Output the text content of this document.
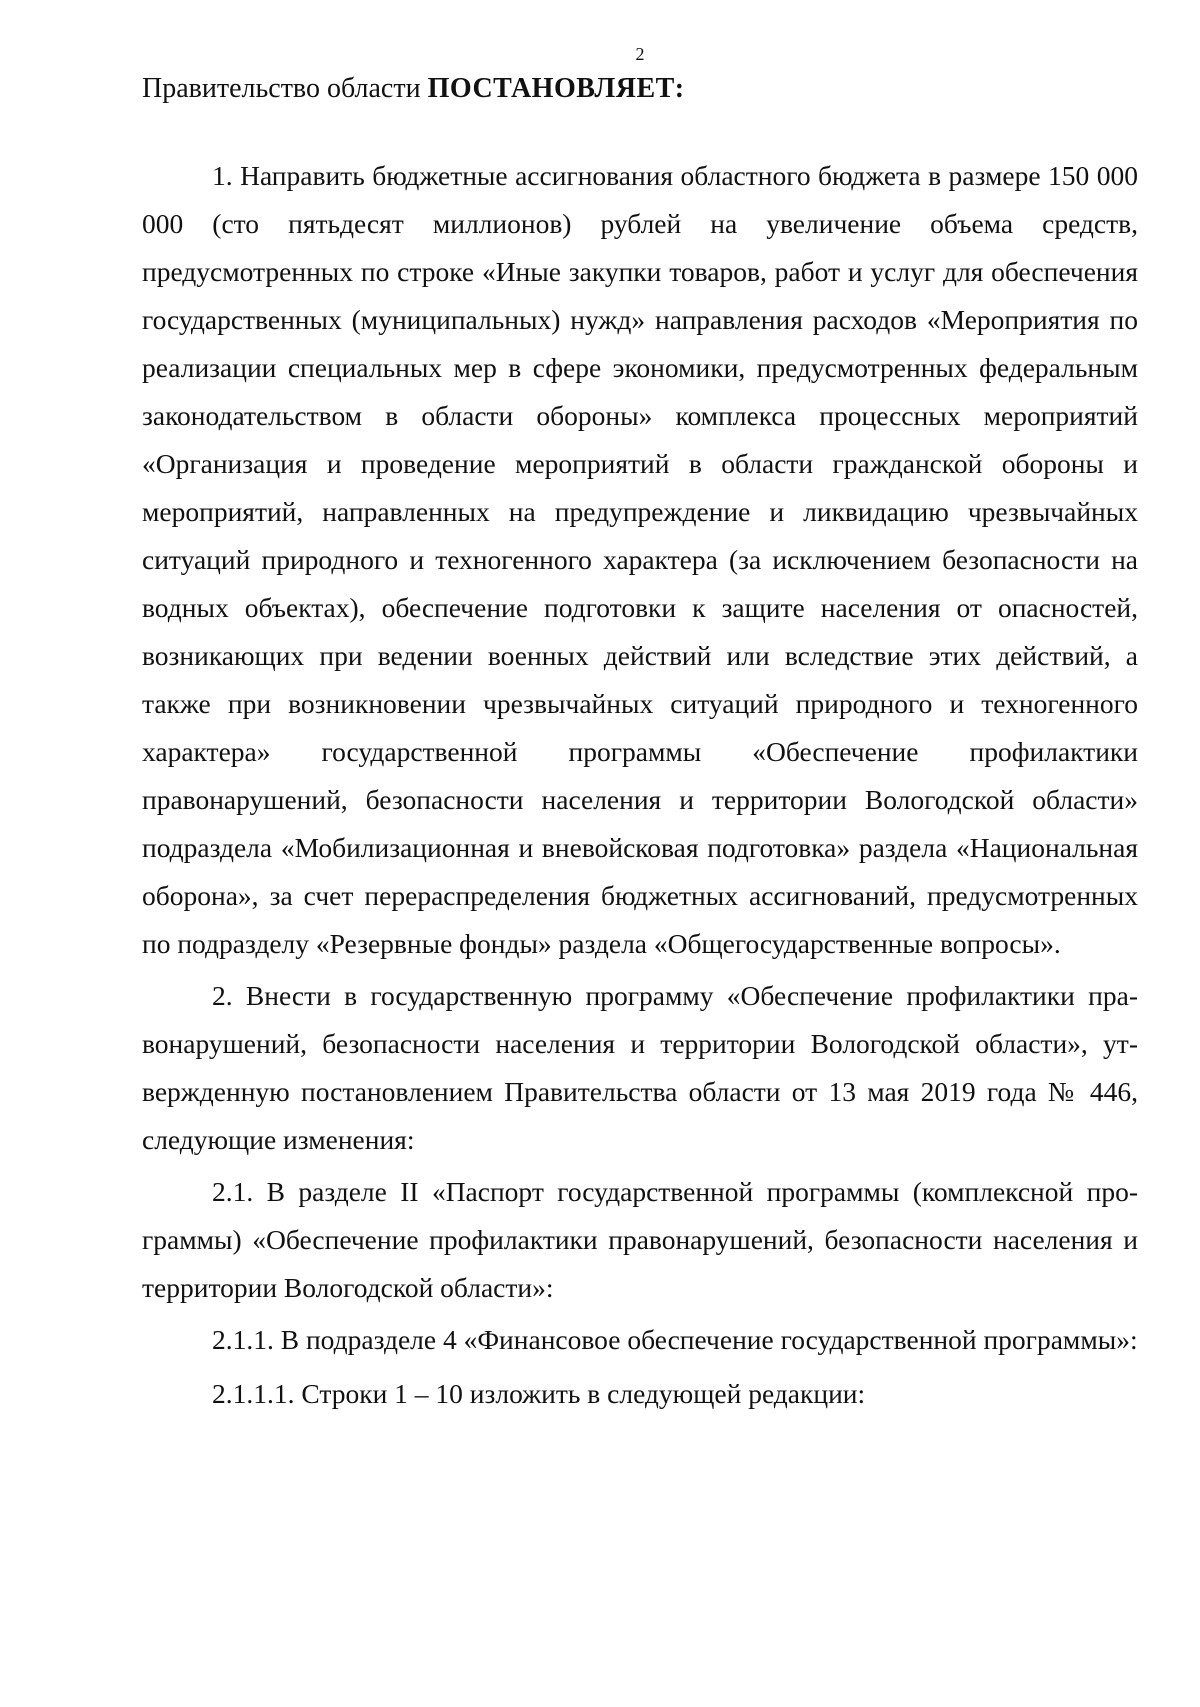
2
Правительство области ПОСТАНОВЛЯЕТ:

1. Направить бюджетные ассигнования областного бюджета в размере 150 000 000 (сто пятьдесят миллионов) рублей на увеличение объема средств, предусмотренных по строке «Иные закупки товаров, работ и услуг для обеспечения государственных (муниципальных) нужд» направления расходов «Мероприятия по реализации специальных мер в сфере экономики, предусмотренных федеральным законодательством в области обороны» комплекса процессных мероприятий «Организация и проведение мероприятий в области гражданской обороны и мероприятий, направленных на предупреждение и ликвидацию чрезвычайных ситуаций природного и техногенного характера (за исключением безопасности на водных объектах), обеспечение подготовки к защите населения от опасностей, возникающих при ведении военных действий или вследствие этих действий, а также при возникновении чрезвычайных ситуаций природного и техногенного характера» государственной программы «Обеспечение профилактики правонарушений, безопасности населения и территории Вологодской области» подраздела «Мобилизационная и вневойсковая подготовка» раздела «Национальная оборона», за счет перераспределения бюджетных ассигнований, предусмотренных по подразделу «Резервные фонды» раздела «Общегосударственные вопросы».

2. Внести в государственную программу «Обеспечение профилактики правонарушений, безопасности населения и территории Вологодской области», утвержденную постановлением Правительства области от 13 мая 2019 года № 446, следующие изменения:

2.1. В разделе II «Паспорт государственной программы (комплексной программы) «Обеспечение профилактики правонарушений, безопасности населения и территории Вологодской области»:

2.1.1. В подразделе 4 «Финансовое обеспечение государственной программы»:

2.1.1.1. Строки 1 – 10 изложить в следующей редакции:
